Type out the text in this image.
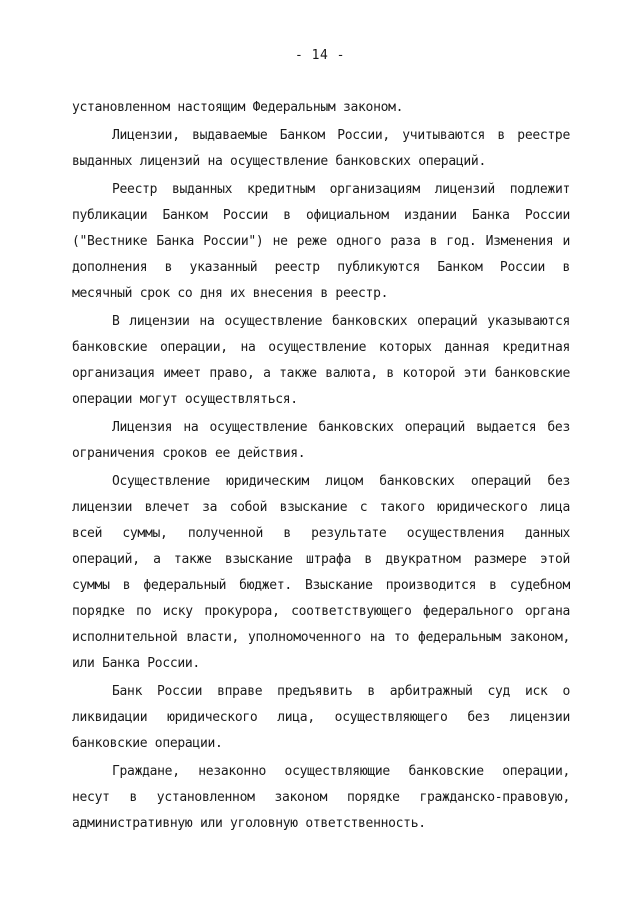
- 14 -
установленном настоящим Федеральным законом.
Лицензии, выдаваемые Банком России, учитываются в реестре
выданных лицензий на осуществление банковских операций.
Реестр выданных кредитным организациям лицензий подлежит
публикации Банком России в официальном издании Банка России
("Вестнике Банка России") не реже одного раза в год. Изменения и
дополнения в указанный реестр публикуются Банком России в
месячный срок со дня их внесения в реестр.
В лицензии на осуществление банковских операций указываются
банковские операции, на осуществление которых данная кредитная
организация имеет право, а также валюта, в которой эти банковские
операции могут осуществляться.
Лицензия на осуществление банковских операций выдается без
ограничения сроков ее действия.
Осуществление юридическим лицом банковских операций без
лицензии влечет за собой взыскание с такого юридического лица
всей суммы, полученной в результате осуществления данных
операций, а также взыскание штрафа в двукратном размере этой
суммы в федеральный бюджет. Взыскание производится в судебном
порядке по иску прокурора, соответствующего федерального органа
исполнительной власти, уполномоченного на то федеральным законом,
или Банка России.
Банк России вправе предъявить в арбитражный суд иск о
ликвидации юридического лица, осуществляющего без лицензии
банковские операции.
Граждане, незаконно осуществляющие банковские операции,
несут в установленном законом порядке гражданско-правовую,
административную или уголовную ответственность.
